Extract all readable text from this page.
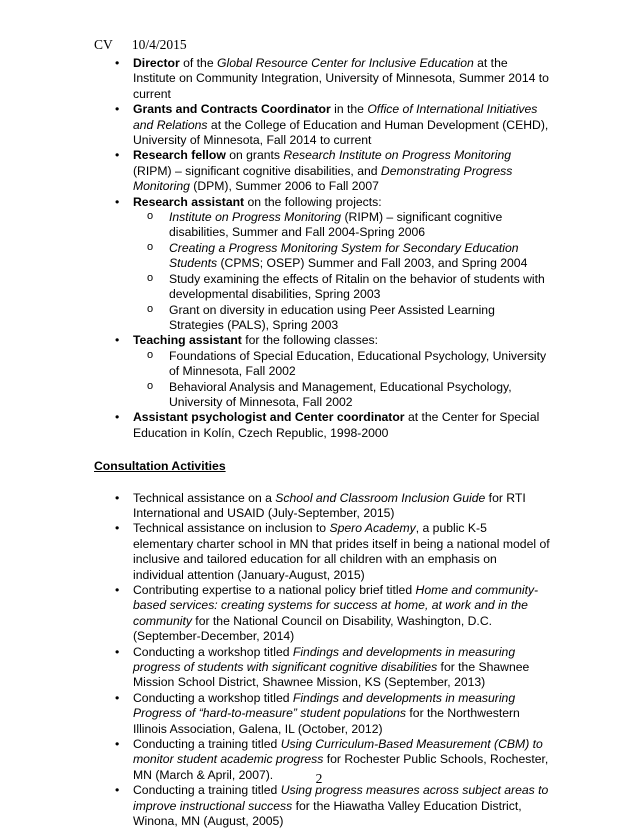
CV 10/4/2015
• Director of the Global Resource Center for Inclusive Education at the Institute on Community Integration, University of Minnesota, Summer 2014 to current
• Grants and Contracts Coordinator in the Office of International Initiatives and Relations at the College of Education and Human Development (CEHD), University of Minnesota, Fall 2014 to current
• Research fellow on grants Research Institute on Progress Monitoring (RIPM) – significant cognitive disabilities, and Demonstrating Progress Monitoring (DPM), Summer 2006 to Fall 2007
• Research assistant on the following projects:
o Institute on Progress Monitoring (RIPM) – significant cognitive disabilities, Summer and Fall 2004-Spring 2006
o Creating a Progress Monitoring System for Secondary Education Students (CPMS; OSEP) Summer and Fall 2003, and Spring 2004
o Study examining the effects of Ritalin on the behavior of students with developmental disabilities, Spring 2003
o Grant on diversity in education using Peer Assisted Learning Strategies (PALS), Spring 2003
• Teaching assistant for the following classes:
o Foundations of Special Education, Educational Psychology, University of Minnesota, Fall 2002
o Behavioral Analysis and Management, Educational Psychology, University of Minnesota, Fall 2002
• Assistant psychologist and Center coordinator at the Center for Special Education in Kolín, Czech Republic, 1998-2000
Consultation Activities
• Technical assistance on a School and Classroom Inclusion Guide for RTI International and USAID (July-September, 2015)
• Technical assistance on inclusion to Spero Academy, a public K-5 elementary charter school in MN that prides itself in being a national model of inclusive and tailored education for all children with an emphasis on individual attention (January-August, 2015)
• Contributing expertise to a national policy brief titled Home and community-based services: creating systems for success at home, at work and in the community for the National Council on Disability, Washington, D.C. (September-December, 2014)
• Conducting a workshop titled Findings and developments in measuring progress of students with significant cognitive disabilities for the Shawnee Mission School District, Shawnee Mission, KS (September, 2013)
• Conducting a workshop titled Findings and developments in measuring Progress of “hard-to-measure” student populations for the Northwestern Illinois Association, Galena, IL (October, 2012)
• Conducting a training titled Using Curriculum-Based Measurement (CBM) to monitor student academic progress for Rochester Public Schools, Rochester, MN (March & April, 2007).
• Conducting a training titled Using progress measures across subject areas to improve instructional success for the Hiawatha Valley Education District, Winona, MN (August, 2005)
2
